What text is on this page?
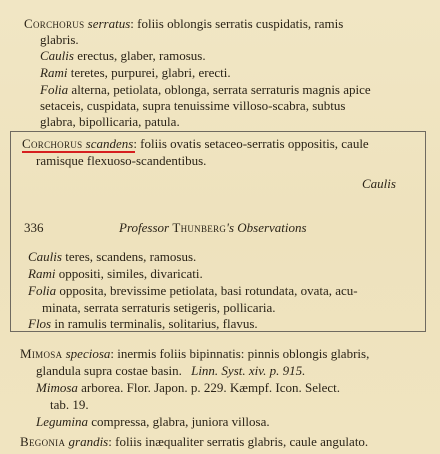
Corchorus serratus: foliis oblongis serratis cuspidatis, ramis
glabris.
Caulis erectus, glaber, ramosus.
Rami teretes, purpurei, glabri, erecti.
Folia alterna, petiolata, oblonga, serrata serraturis magnis apice
setaceis, cuspidata, supra tenuissime villoso-scabra, subtus
glabra, bipollicaria, patula.
Corchorus scandens: foliis ovatis setaceo-serratis oppositis, caule
ramisque flexuoso-scandentibus.
Caulis
336	Professor Thunberg's Observations
Caulis teres, scandens, ramosus.
Rami oppositi, similes, divaricati.
Folia opposita, brevissime petiolata, basi rotundata, ovata, acu-
minata, serrata serraturis setigeris, pollicaria.
Flos in ramulis terminalis, solitarius, flavus.
Mimosa speciosa: inermis foliis bipinnatis: pinnis oblongis glabris,
glandula supra costae basin. Linn. Syst. xiv. p. 915.
Mimosa arborea. Flor. Japon. p. 229. Kæmpf. Icon. Select.
tab. 19.
Legumina compressa, glabra, juniora villosa.
Begonia grandis: foliis inæqualiter serratis glabris, caule angulato.
